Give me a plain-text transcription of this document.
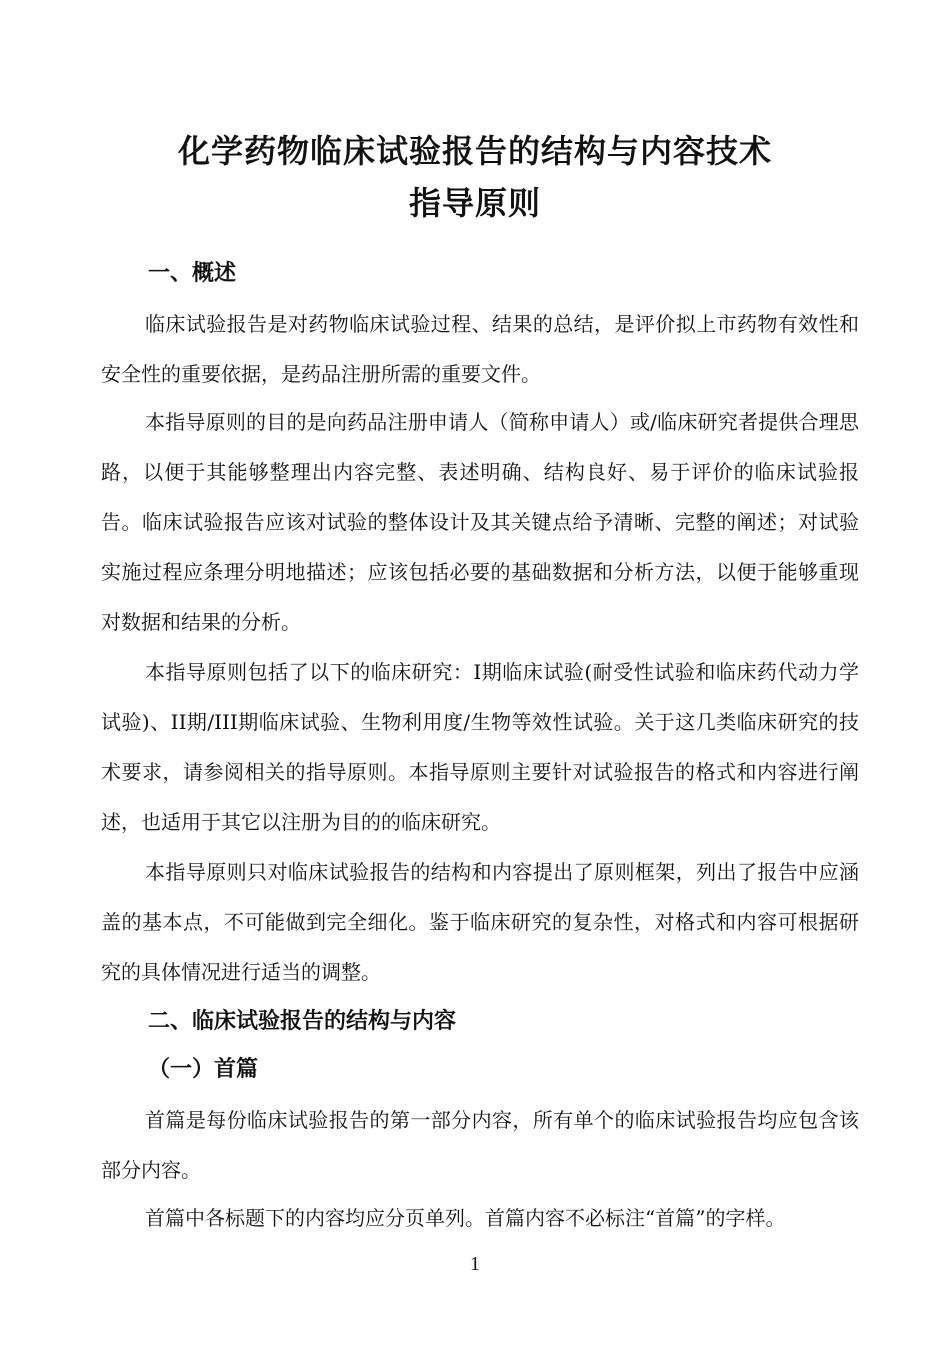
化学药物临床试验报告的结构与内容技术
指导原则
一、概述

临床试验报告是对药物临床试验过程、结果的总结，是评价拟上市药物有效性和安全性的重要依据，是药品注册所需的重要文件。

本指导原则的目的是向药品注册申请人（简称申请人）或/临床研究者提供合理思路，以便于其能够整理出内容完整、表述明确、结构良好、易于评价的临床试验报告。临床试验报告应该对试验的整体设计及其关键点给予清晰、完整的阐述；对试验实施过程应条理分明地描述；应该包括必要的基础数据和分析方法，以便于能够重现对数据和结果的分析。

本指导原则包括了以下的临床研究：I期临床试验(耐受性试验和临床药代动力学试验)、II期/III期临床试验、生物利用度/生物等效性试验。关于这几类临床研究的技术要求，请参阅相关的指导原则。本指导原则主要针对试验报告的格式和内容进行阐述，也适用于其它以注册为目的的临床研究。

本指导原则只对临床试验报告的结构和内容提出了原则框架，列出了报告中应涵盖的基本点，不可能做到完全细化。鉴于临床研究的复杂性，对格式和内容可根据研究的具体情况进行适当的调整。

二、临床试验报告的结构与内容
（一）首篇

首篇是每份临床试验报告的第一部分内容，所有单个的临床试验报告均应包含该部分内容。

首篇中各标题下的内容均应分页单列。首篇内容不必标注“首篇”的字样。

1
